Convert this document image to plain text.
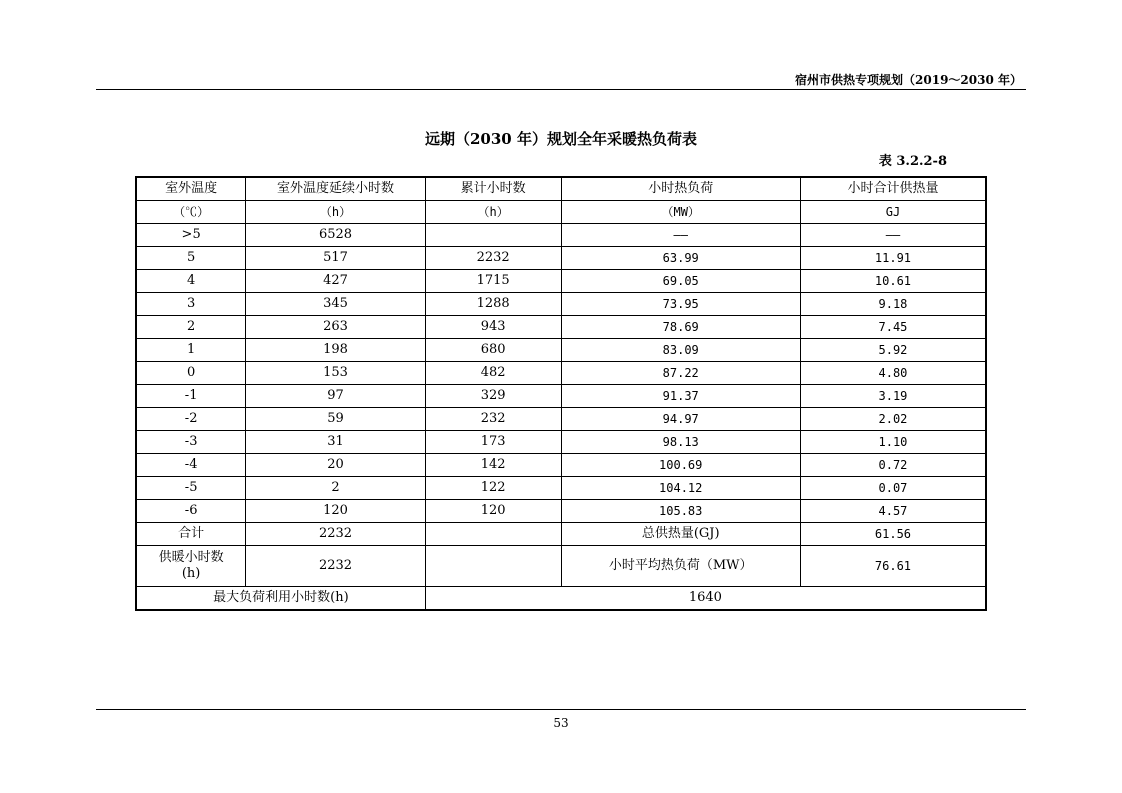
宿州市供热专项规划（2019～2030 年）
远期（2030 年）规划全年采暖热负荷表
表 3.2.2-8
室外温度	室外温度延续小时数	累计小时数	小时热负荷	小时合计供热量
（℃）	（h）	（h）	（MW）	GJ
>5	6528		——	——
5	517	2232	63.99	11.91
4	427	1715	69.05	10.61
3	345	1288	73.95	9.18
2	263	943	78.69	7.45
1	198	680	83.09	5.92
0	153	482	87.22	4.80
-1	97	329	91.37	3.19
-2	59	232	94.97	2.02
-3	31	173	98.13	1.10
-4	20	142	100.69	0.72
-5	2	122	104.12	0.07
-6	120	120	105.83	4.57
合计	2232		总供热量(GJ)	61.56

供暖小时数
(h)	2232		小时平均热负荷（MW）	76.61
最大负荷利用小时数(h)		1640		
53
